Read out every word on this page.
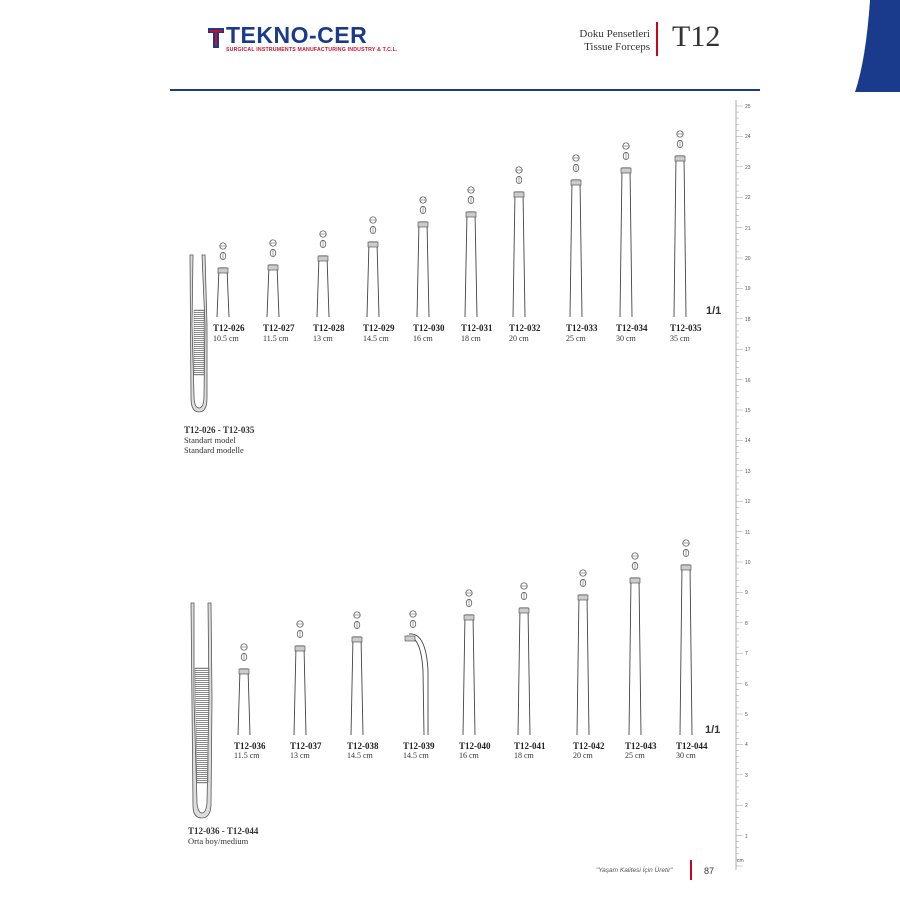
TEKNO-CER
SURGICAL INSTRUMENTS MANUFACTURING INDUSTRY & T.C.L.
Doku Pensetleri
Tissue Forceps T12
25
24
23
22
21
20
19
18
17
16
15
14
13
12
11
10
9
8
7
6
5
4
3
2
1
cm
T12-026
10.5 cm
T12-027
11.5 cm
T12-028
13 cm
T12-029
14.5 cm
T12-030
16 cm
T12-031
18 cm
T12-032
20 cm
T12-033
25 cm
T12-034
30 cm
T12-035
35 cm
T12-026 - T12-035
Standart model
Standard modelle
1/1
T12-036
11.5 cm
T12-037
13 cm
T12-038
14.5 cm
T12-039
14.5 cm
T12-040
16 cm
T12-041
18 cm
T12-042
20 cm
T12-043
25 cm
T12-044
30 cm
T12-036 - T12-044
Orta boy/medium
1/1
"Yaşam Kalitesi İçin Üretir"	87
